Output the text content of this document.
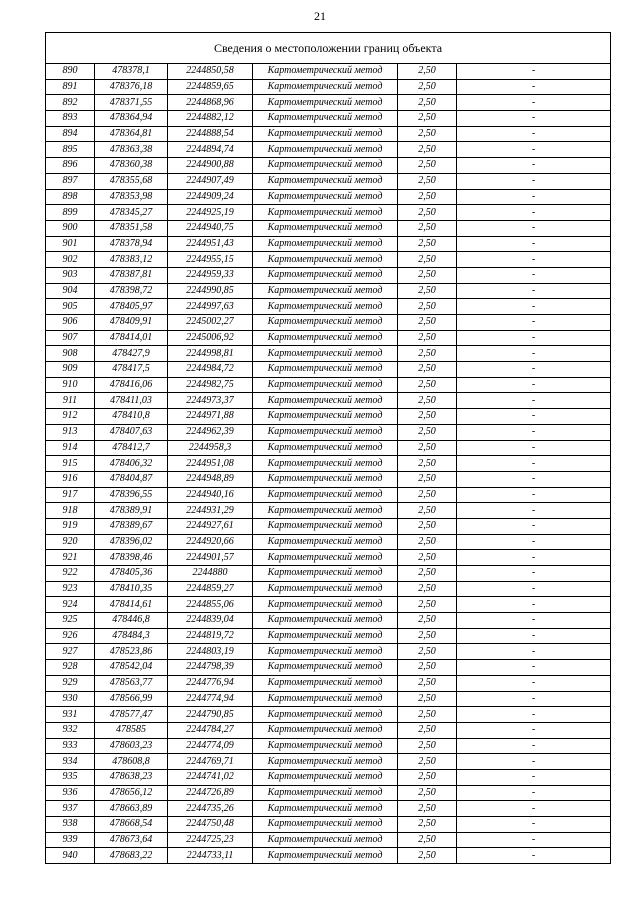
21
Сведения о местоположении границ объекта					
890	478378,1	2244850,58	Картометрический метод	2,50	-
891	478376,18	2244859,65	Картометрический метод	2,50	-
892	478371,55	2244868,96	Картометрический метод	2,50	-
893	478364,94	2244882,12	Картометрический метод	2,50	-
894	478364,81	2244888,54	Картометрический метод	2,50	-
895	478363,38	2244894,74	Картометрический метод	2,50	-
896	478360,38	2244900,88	Картометрический метод	2,50	-
897	478355,68	2244907,49	Картометрический метод	2,50	-
898	478353,98	2244909,24	Картометрический метод	2,50	-
899	478345,27	2244925,19	Картометрический метод	2,50	-
900	478351,58	2244940,75	Картометрический метод	2,50	-
901	478378,94	2244951,43	Картометрический метод	2,50	-
902	478383,12	2244955,15	Картометрический метод	2,50	-
903	478387,81	2244959,33	Картометрический метод	2,50	-
904	478398,72	2244990,85	Картометрический метод	2,50	-
905	478405,97	2244997,63	Картометрический метод	2,50	-
906	478409,91	2245002,27	Картометрический метод	2,50	-
907	478414,01	2245006,92	Картометрический метод	2,50	-
908	478427,9	2244998,81	Картометрический метод	2,50	-
909	478417,5	2244984,72	Картометрический метод	2,50	-
910	478416,06	2244982,75	Картометрический метод	2,50	-
911	478411,03	2244973,37	Картометрический метод	2,50	-
912	478410,8	2244971,88	Картометрический метод	2,50	-
913	478407,63	2244962,39	Картометрический метод	2,50	-
914	478412,7	2244958,3	Картометрический метод	2,50	-
915	478406,32	2244951,08	Картометрический метод	2,50	-
916	478404,87	2244948,89	Картометрический метод	2,50	-
917	478396,55	2244940,16	Картометрический метод	2,50	-
918	478389,91	2244931,29	Картометрический метод	2,50	-
919	478389,67	2244927,61	Картометрический метод	2,50	-
920	478396,02	2244920,66	Картометрический метод	2,50	-
921	478398,46	2244901,57	Картометрический метод	2,50	-
922	478405,36	2244880	Картометрический метод	2,50	-
923	478410,35	2244859,27	Картометрический метод	2,50	-
924	478414,61	2244855,06	Картометрический метод	2,50	-
925	478446,8	2244839,04	Картометрический метод	2,50	-
926	478484,3	2244819,72	Картометрический метод	2,50	-
927	478523,86	2244803,19	Картометрический метод	2,50	-
928	478542,04	2244798,39	Картометрический метод	2,50	-
929	478563,77	2244776,94	Картометрический метод	2,50	-
930	478566,99	2244774,94	Картометрический метод	2,50	-
931	478577,47	2244790,85	Картометрический метод	2,50	-
932	478585	2244784,27	Картометрический метод	2,50	-
933	478603,23	2244774,09	Картометрический метод	2,50	-
934	478608,8	2244769,71	Картометрический метод	2,50	-
935	478638,23	2244741,02	Картометрический метод	2,50	-
936	478656,12	2244726,89	Картометрический метод	2,50	-
937	478663,89	2244735,26	Картометрический метод	2,50	-
938	478668,54	2244750,48	Картометрический метод	2,50	-
939	478673,64	2244725,23	Картометрический метод	2,50	-
940	478683,22	2244733,11	Картометрический метод	2,50	-
